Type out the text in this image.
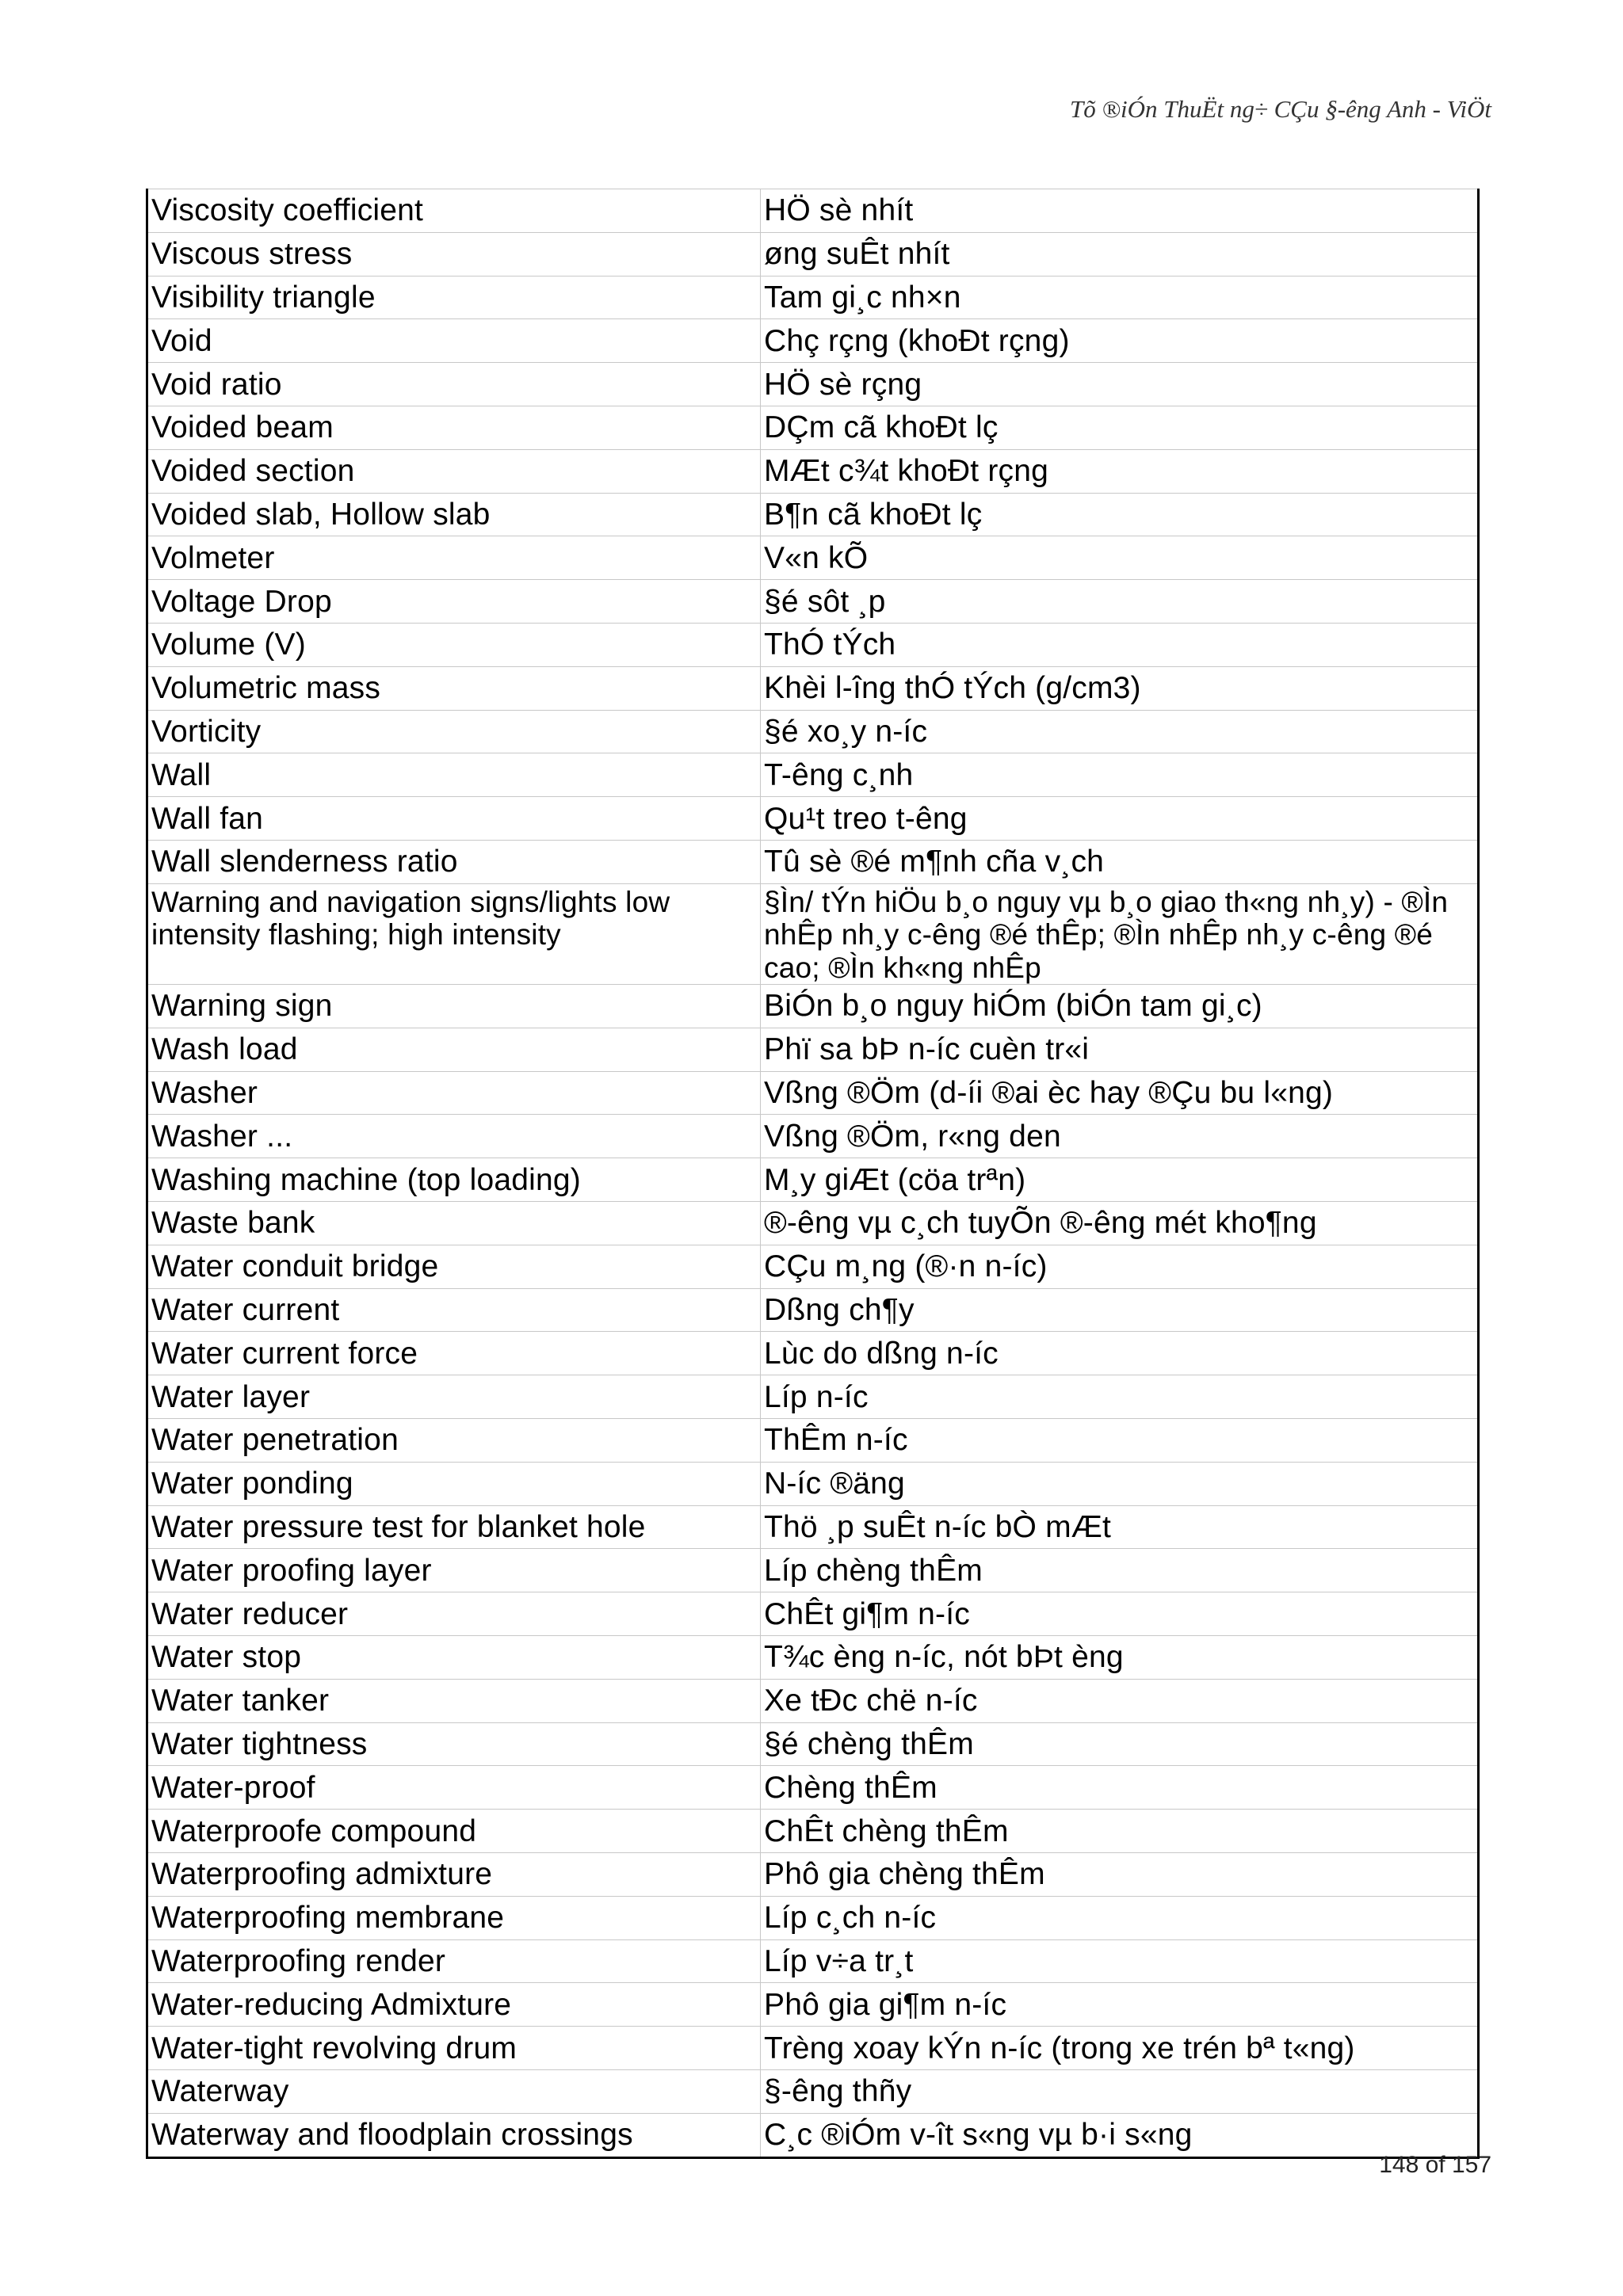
Tõ ®iÓn ThuËt ng÷ CÇu §-êng Anh - ViÖt
Viscosity coefficient	HÖ sè nhít
Viscous stress	øng suÊt nhít
Visibility triangle	Tam gi¸c nh×n
Void	Chç rçng (khoÐt rçng)
Void ratio	HÖ sè rçng
Voided beam	DÇm cã khoÐt lç
Voided section	MÆt c¾t khoÐt rçng
Voided slab, Hollow slab	B¶n cã khoÐt lç
Volmeter	V«n kÕ
Voltage Drop	§é sôt ¸p
Volume (V)	ThÓ tÝch
Volumetric mass	Khèi l-îng thÓ tÝch (g/cm3)
Vorticity	§é xo¸y n-íc
Wall	T-êng c¸nh
Wall fan	Qu¹t treo t-êng
Wall slenderness ratio	Tû sè ®é m¶nh cña v¸ch
Warning and navigation signs/lights low intensity flashing; high intensity	§Ìn/ tÝn hiÖu b¸o nguy vµ b¸o giao th«ng nh¸y) - ®Ìn nhÊp nh¸y c-êng ®é thÊp; ®Ìn nhÊp nh¸y c-êng ®é cao; ®Ìn kh«ng nhÊp
Warning sign	BiÓn b¸o nguy hiÓm (biÓn tam gi¸c)
Wash load	Phï sa bÞ n-íc cuèn tr«i
Washer	Vßng ®Öm (d-íi ®ai èc hay ®Çu bu l«ng)
Washer ...	Vßng ®Öm, r«ng den
Washing machine (top loading)	M¸y giÆt (cöa trªn)
Waste bank	®-êng vµ c¸ch tuyÕn ®-êng mét kho¶ng
Water conduit bridge	CÇu m¸ng (®·n n-íc)
Water current	Dßng ch¶y
Water current force	Lùc do dßng n-íc
Water layer	Líp n-íc
Water penetration	ThÊm n-íc
Water ponding	N-íc ®äng
Water pressure test for blanket hole	Thö ¸p suÊt n-íc bÒ mÆt
Water proofing layer	Líp chèng thÊm
Water reducer	ChÊt gi¶m n-íc
Water stop	T¾c èng n-íc, nót bÞt èng
Water tanker	Xe tÐc chë n-íc
Water tightness	§é chèng thÊm
Water-proof	Chèng thÊm
Waterproofe compound	ChÊt chèng thÊm
Waterproofing admixture	Phô gia chèng thÊm
Waterproofing membrane	Líp c¸ch n-íc
Waterproofing render	Líp v÷a tr¸t
Water-reducing Admixture	Phô gia gi¶m n-íc
Water-tight revolving drum	Trèng xoay kÝn n-íc (trong xe trén bª t«ng)
Waterway	§-êng thñy
Waterway and floodplain crossings	C¸c ®iÓm v-ît s«ng vµ b·i s«ng
148 of 157
